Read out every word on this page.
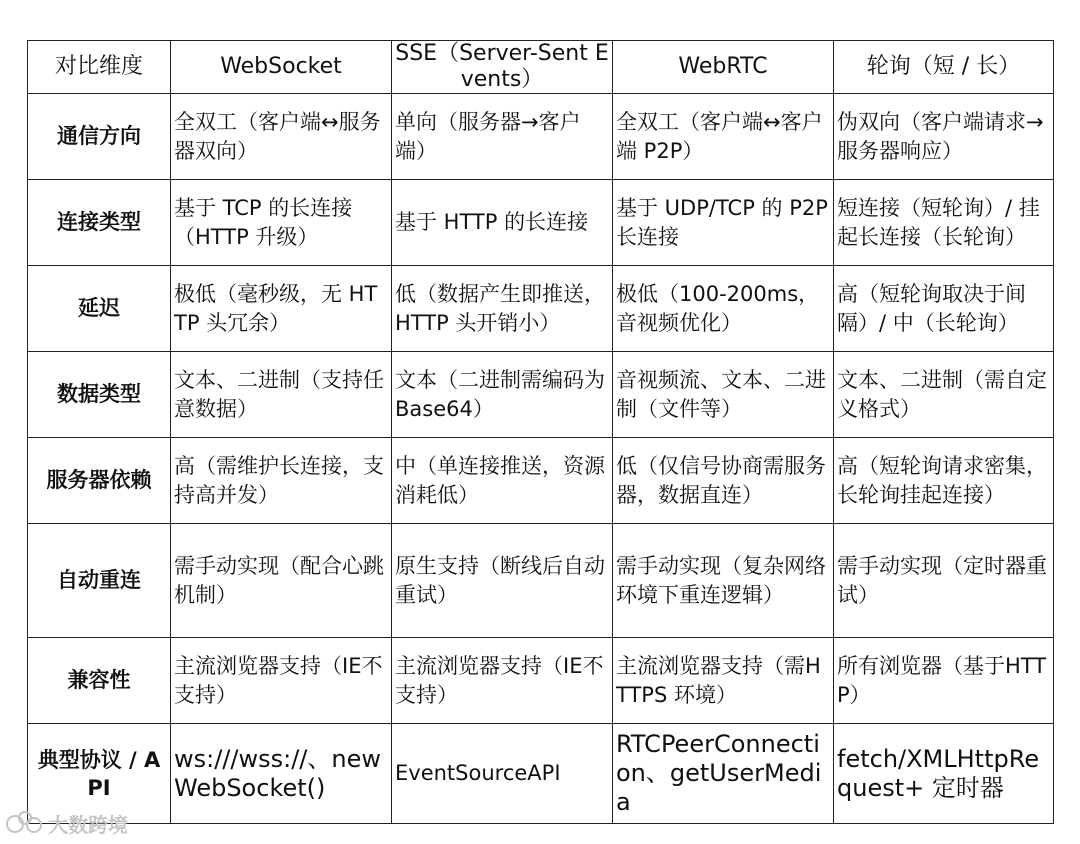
对比维度	WebSocket	SSE（Server-Sent Events）	WebRTC	轮询（短 / 长）
通信方向	全双工（客户端↔服务器双向）	单向（服务器→客户端）	全双工（客户端↔客户端 P2P）	伪双向（客户端请求→服务器响应）
连接类型	基于 TCP 的长连接（HTTP 升级）	基于 HTTP 的长连接	基于 UDP/TCP 的 P2P 长连接	短连接（短轮询）/ 挂起长连接（长轮询）
延迟	极低（毫秒级，无 HTTP 头冗余）	低（数据产生即推送，HTTP 头开销小）	极低（100-200ms，音视频优化）	高（短轮询取决于间隔）/ 中（长轮询）
数据类型	文本、二进制（支持任意数据）	文本（二进制需编码为 Base64）	音视频流、文本、二进制（文件等）	文本、二进制（需自定义格式）
服务器依赖	高（需维护长连接，支持高并发）	中（单连接推送，资源消耗低）	低（仅信号协商需服务器，数据直连）	高（短轮询请求密集，长轮询挂起连接）
自动重连	需手动实现（配合心跳机制）	原生支持（断线后自动重试）	需手动实现（复杂网络环境下重连逻辑）	需手动实现（定时器重试）
兼容性	主流浏览器支持（IE不支持）	主流浏览器支持（IE不支持）	主流浏览器支持（需HTTPS 环境）	所有浏览器（基于HTTP）
典型协议 / API	ws:///wss://、new WebSocket()	EventSourceAPI	RTCPeerConnection、getUserMedia	fetch/XMLHttpRequest+ 定时器
大数跨境
